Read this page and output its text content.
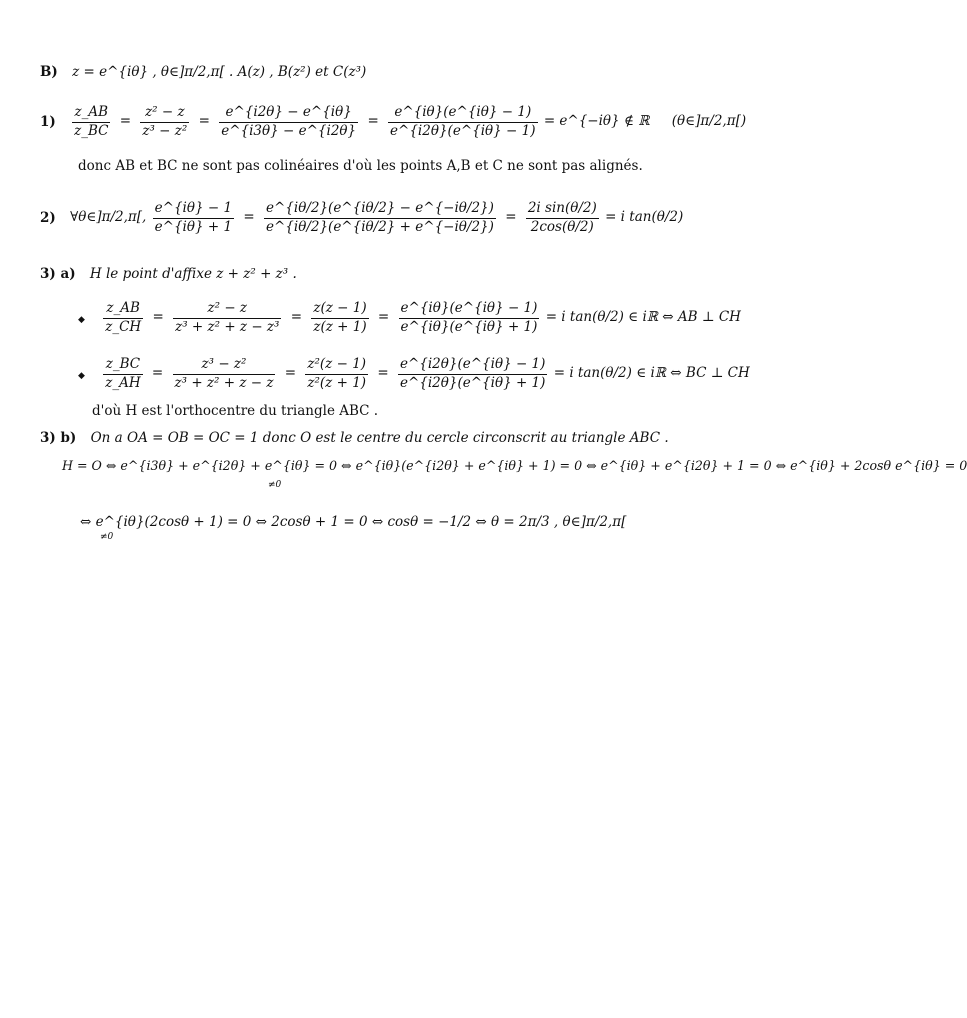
B) z = e^{iθ} , θ∈]π/2,π[ . A(z) , B(z²) et C(z³)
$1) \frac{z\_AB}{z\_BC} = \frac{\text{z² − z}}{\text{z³ − z²}} = \frac{e\^{}\{i2\theta\} - e\^{}\{i\theta\}}{e\^{}\{i3\theta\} - e\^{}\{i2\theta\}} = \frac{e\^{}\{i\theta\}(e\^{}\{i\theta\} - 1)}{e\^{}\{i2\theta\}(e\^{}\{i\theta\} - 1)}$ = e^{−iθ} ∉ ℝ (θ∈]π/2,π[)
donc AB et BC ne sont pas colinéaires d'où les points A,B et C ne sont pas alignés.
2) ∀θ∈]π/2,π[, $\frac{e\^{}\{i\theta\} - 1}{e\^{}\{i\theta\} + 1} = \frac{e\^{}\{i\theta/2\}(e\^{}\{i\theta/2\} - e\^{}\{-i\theta/2\})}{e\^{}\{i\theta/2\}(e\^{}\{i\theta/2\} + e\^{}\{-i\theta/2\})} = \frac{\text{2i sin(θ/2)}}{2\cos(\theta/2)} = i$ tan(θ/2)
3) a) H le point d'affixe z + z² + z³ .
◆ $\frac{z\_AB}{z\_CH} = \frac{\text{z² − z}}{\text{z³ + z² + z − z³}} = \frac{z(z - 1)}{z(z + 1)} = \frac{e\^{}\{i\theta\}(e\^{}\{i\theta\} - 1)}{e\^{}\{i\theta\}(e\^{}\{i\theta\} + 1)} = i$ tan(θ/2) ∈ iℝ ⇔ AB ⊥ CH
◆ $\frac{z\_BC}{z\_AH} = \frac{\text{z³ − z²}}{\text{z³ + z² + z − z}} = \frac{\text{z²(z − 1)}}{\text{z²(z + 1)}} = \frac{e\^{}\{i2\theta\}(e\^{}\{i\theta\} - 1)}{e\^{}\{i2\theta\}(e\^{}\{i\theta\} + 1)} = i$ tan(θ/2) ∈ iℝ ⇔ BC ⊥ CH
d'où H est l'orthocentre du triangle ABC .
3) b) On a OA = OB = OC = 1 donc O est le centre du cercle circonscrit au triangle ABC .
H = O ⇔ e^{i3θ} + e^{i2θ} + e^{iθ} = 0 ⇔ e^{iθ}(e^{i2θ} + e^{iθ} + 1) = 0 ⇔ e^{iθ} + e^{i2θ} + 1 = 0 ⇔ e^{iθ} + 2cosθ e^{iθ} = 0
≠0
⇔ e^{iθ}(2cosθ + 1) = 0 ⇔ 2cosθ + 1 = 0 ⇔ cosθ = −1/2 ⇔ θ = 2π/3 , θ∈]π/2,π[
≠0
